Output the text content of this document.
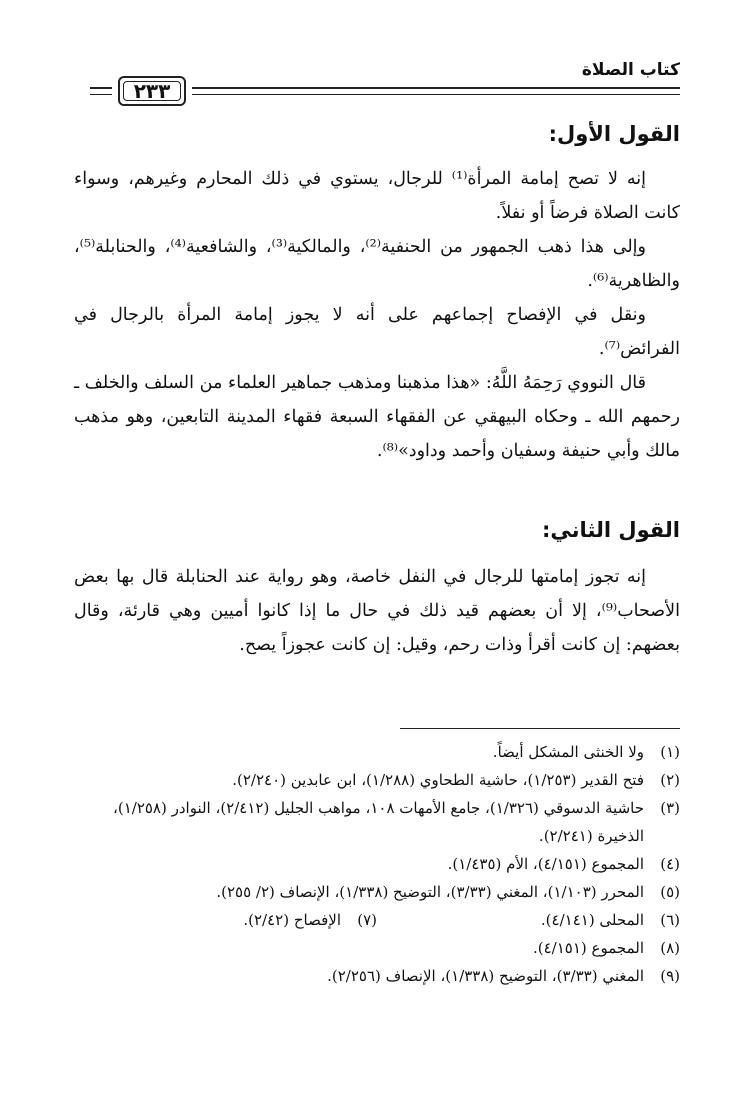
كتاب الصلاة
٢٣٣
القول الأول:

إنه لا تصح إمامة المرأة⁽¹⁾ للرجال، يستوي في ذلك المحارم وغيرهم، وسواء كانت الصلاة فرضاً أو نفلاً.

وإلى هذا ذهب الجمهور من الحنفية⁽²⁾، والمالكية⁽³⁾، والشافعية⁽⁴⁾، والحنابلة⁽⁵⁾، والظاهرية⁽⁶⁾.

ونقل في الإفصاح إجماعهم على أنه لا يجوز إمامة المرأة بالرجال في الفرائض⁽⁷⁾.

قال النووي رَحِمَهُ اللَّهُ: «هذا مذهبنا ومذهب جماهير العلماء من السلف والخلف ـ رحمهم الله ـ وحكاه البيهقي عن الفقهاء السبعة فقهاء المدينة التابعين، وهو مذهب مالك وأبي حنيفة وسفيان وأحمد وداود»⁽⁸⁾.

القول الثاني:

إنه تجوز إمامتها للرجال في النفل خاصة، وهو رواية عند الحنابلة قال بها بعض الأصحاب⁽⁹⁾، إلا أن بعضهم قيد ذلك في حال ما إذا كانوا أميين وهي قارئة، وقال بعضهم: إن كانت أقرأ وذات رحم، وقيل: إن كانت عجوزاً يصح.

(١)
ولا الخنثى المشكل أيضاً.
(٢)
فتح القدير (١/٢٥٣)، حاشية الطحاوي (١/٢٨٨)، ابن عابدين (٢/٢٤٠).
(٣)
حاشية الدسوقي (١/٣٢٦)، جامع الأمهات ١٠٨، مواهب الجليل (٢/٤١٢)، النوادر (١/٢٥٨)، الذخيرة (٢/٢٤١).
(٤)
المجموع (٤/١٥١)، الأم (١/٤٣٥).
(٥)
المحرر (١/١٠٣)، المغني (٣/٣٣)، التوضيح (١/٣٣٨)، الإنصاف (٢/ ٢٥٥).
(٦)
المحلى (٤/١٤١).
(٧)
الإفصاح (٢/٤٢).
(٨)
المجموع (٤/١٥١).
(٩)
المغني (٣/٣٣)، التوضيح (١/٣٣٨)، الإنصاف (٢/٢٥٦).
